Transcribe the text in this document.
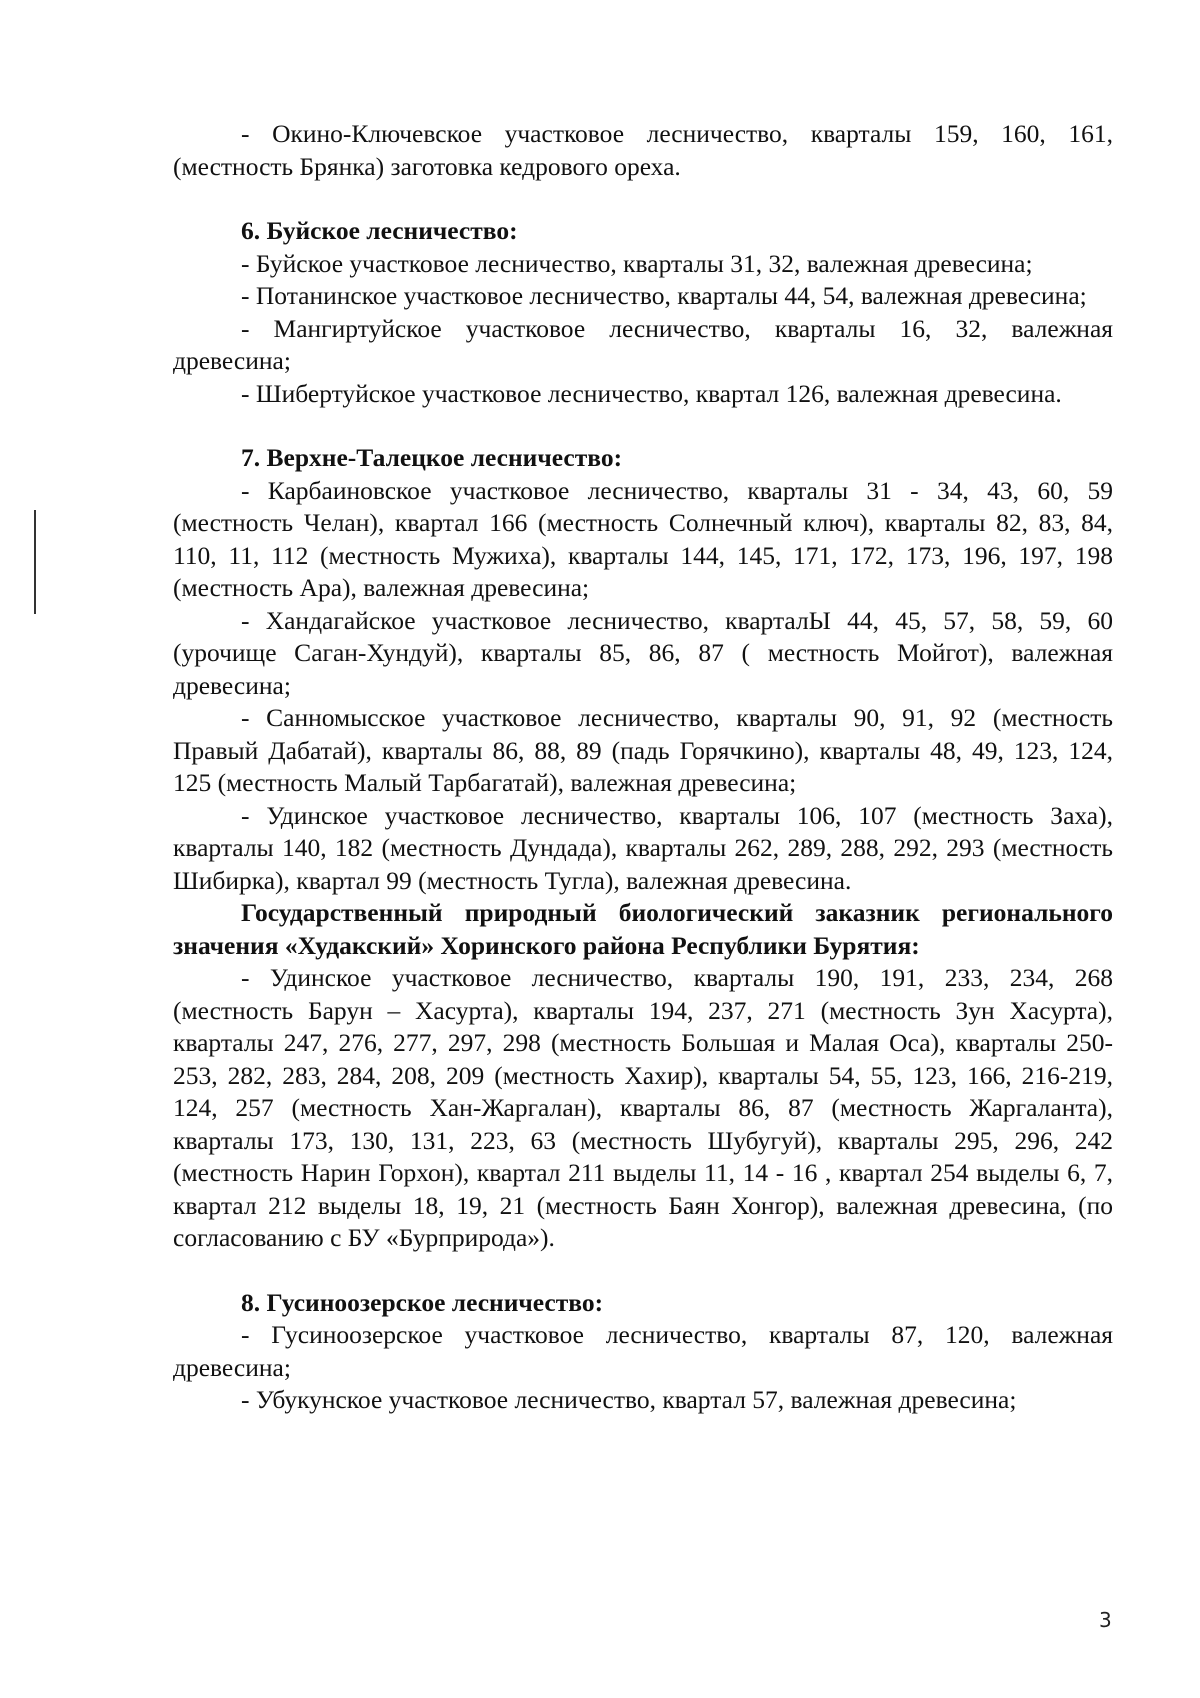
- Окино-Ключевское участковое лесничество, кварталы 159, 160, 161, (местность Брянка) заготовка кедрового ореха.

6. Буйское лесничество:

- Буйское участковое лесничество, кварталы 31, 32, валежная древесина;

- Потанинское участковое лесничество, кварталы 44, 54, валежная древесина;

- Мангиртуйское участковое лесничество, кварталы 16, 32, валежная древесина;

- Шибертуйское участковое лесничество, квартал 126, валежная древесина.

7. Верхне-Талецкое лесничество:

- Карбаиновское участковое лесничество, кварталы 31 - 34, 43, 60, 59 (местность Челан), квартал 166 (местность Солнечный ключ), кварталы 82, 83, 84, 110, 11, 112 (местность Мужиха), кварталы 144, 145, 171, 172, 173, 196, 197, 198 (местность Ара), валежная древесина;

- Хандагайское участковое лесничество, кварталЫ 44, 45, 57, 58, 59, 60 (урочище Саган-Хундуй), кварталы 85, 86, 87 ( местность Мойгот), валежная древесина;

- Санномысское участковое лесничество, кварталы 90, 91, 92 (местность Правый Дабатай), кварталы 86, 88, 89 (падь Горячкино), кварталы 48, 49, 123, 124, 125 (местность Малый Тарбагатай), валежная древесина;

- Удинское участковое лесничество, кварталы 106, 107 (местность Заха), кварталы 140, 182 (местность Дундада), кварталы 262, 289, 288, 292, 293 (местность Шибирка), квартал 99 (местность Тугла), валежная древесина.

Государственный природный биологический заказник регионального значения «Худакский» Хоринского района Республики Бурятия:

- Удинское участковое лесничество, кварталы 190, 191, 233, 234, 268 (местность Барун – Хасурта), кварталы 194, 237, 271 (местность Зун Хасурта), кварталы 247, 276, 277, 297, 298 (местность Большая и Малая Оса), кварталы 250-253, 282, 283, 284, 208, 209 (местность Хахир), кварталы 54, 55, 123, 166, 216-219, 124, 257 (местность Хан-Жаргалан), кварталы 86, 87 (местность Жаргаланта), кварталы 173, 130, 131, 223, 63 (местность Шубугуй), кварталы 295, 296, 242 (местность Нарин Горхон), квартал 211 выделы 11, 14 - 16 , квартал 254 выделы 6, 7, квартал 212 выделы 18, 19, 21 (местность Баян Хонгор), валежная древесина, (по согласованию с БУ «Бурприрода»).

8. Гусиноозерское лесничество:

- Гусиноозерское участковое лесничество, кварталы 87, 120, валежная древесина;

- Убукунское участковое лесничество, квартал 57, валежная древесина;

3
